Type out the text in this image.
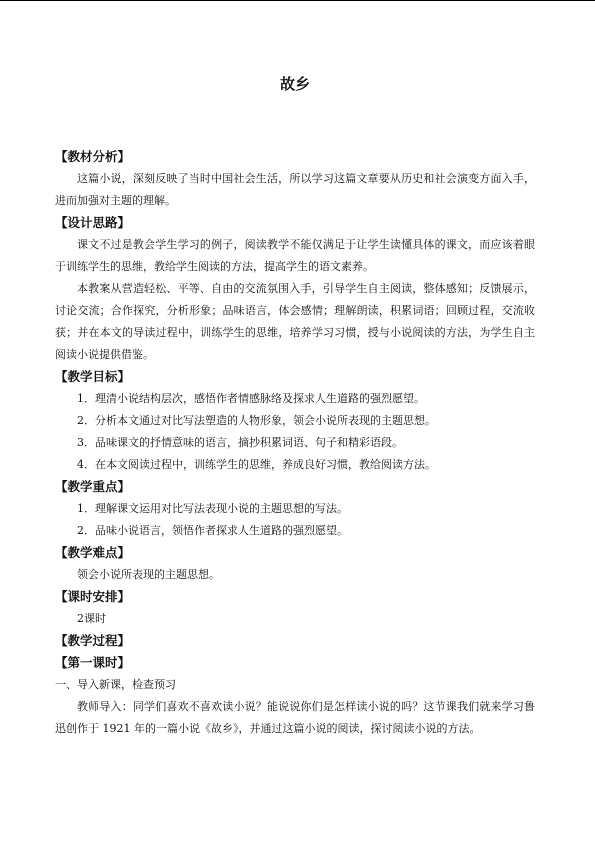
故乡
【教材分析】

这篇小说，深刻反映了当时中国社会生活，所以学习这篇文章要从历史和社会演变方面入手，进而加强对主题的理解。

【设计思路】

课文不过是教会学生学习的例子，阅读教学不能仅满足于让学生读懂具体的课文，而应该着眼于训练学生的思维，教给学生阅读的方法，提高学生的语文素养。

本教案从营造轻松、平等、自由的交流氛围入手，引导学生自主阅读，整体感知；反馈展示，讨论交流；合作探究，分析形象；品味语言，体会感情；理解朗读，积累词语；回顾过程，交流收获；并在本文的导读过程中，训练学生的思维，培养学习习惯，授与小说阅读的方法，为学生自主阅读小说提供借鉴。

【教学目标】

1．理清小说结构层次，感悟作者情感脉络及探求人生道路的强烈愿望。

2．分析本文通过对比写法塑造的人物形象，领会小说所表现的主题思想。

3．品味课文的抒情意味的语言，摘抄积累词语、句子和精彩语段。

4．在本文阅读过程中，训练学生的思维，养成良好习惯，教给阅读方法。

【教学重点】

1．理解课文运用对比写法表现小说的主题思想的写法。

2．品味小说语言，领悟作者探求人生道路的强烈愿望。

【教学难点】

领会小说所表现的主题思想。

【课时安排】

2课时

【教学过程】
【第一课时】

一、导入新课，检查预习

教师导入：同学们喜欢不喜欢读小说？能说说你们是怎样读小说的吗？这节课我们就来学习鲁迅创作于 1921 年的一篇小说《故乡》，并通过这篇小说的阅读，探讨阅读小说的方法。
